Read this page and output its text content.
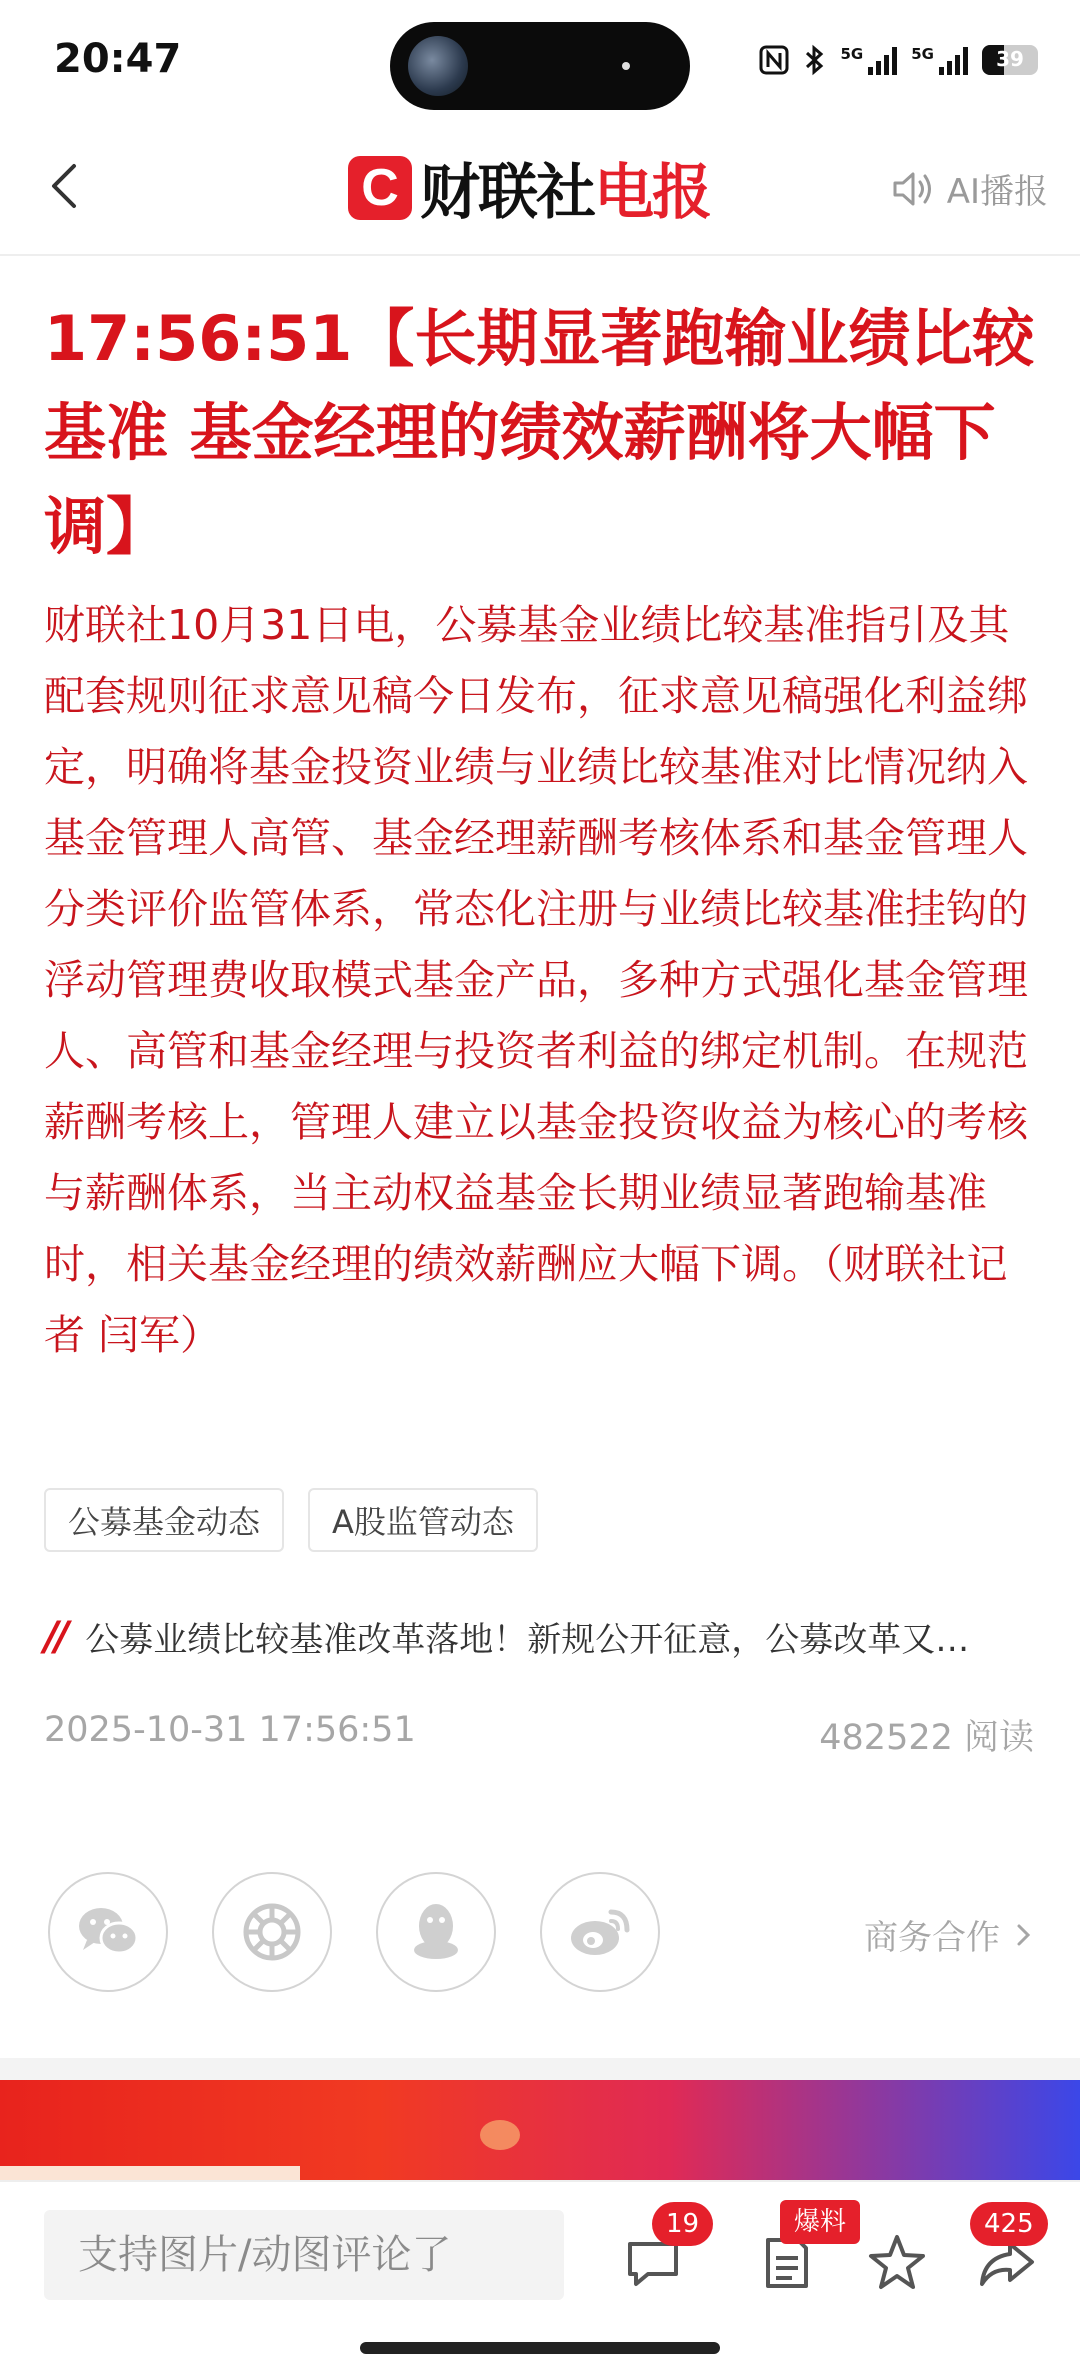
20:47	5G	5G	39
C 财联社 电报	AI播报
17:56:51【长期显著跑输业绩比较基准 基金经理的绩效薪酬将大幅下调】
财联社10月31日电，公募基金业绩比较基准指引及其配套规则征求意见稿今日发布，征求意见稿强化利益绑定，明确将基金投资业绩与业绩比较基准对比情况纳入基金管理人高管、基金经理薪酬考核体系和基金管理人分类评价监管体系，常态化注册与业绩比较基准挂钩的浮动管理费收取模式基金产品，多种方式强化基金管理人、高管和基金经理与投资者利益的绑定机制。在规范薪酬考核上，管理人建立以基金投资收益为核心的考核与薪酬体系，当主动权益基金长期业绩显著跑输基准时，相关基金经理的绩效薪酬应大幅下调。（财联社记者 闫军）
公募基金动态	A股监管动态
// 公募业绩比较基准改革落地！新规公开征意，公募改革又…
2025-10-31 17:56:51	482522 阅读
商务合作
支持图片/动图评论了
19	爆料	425
